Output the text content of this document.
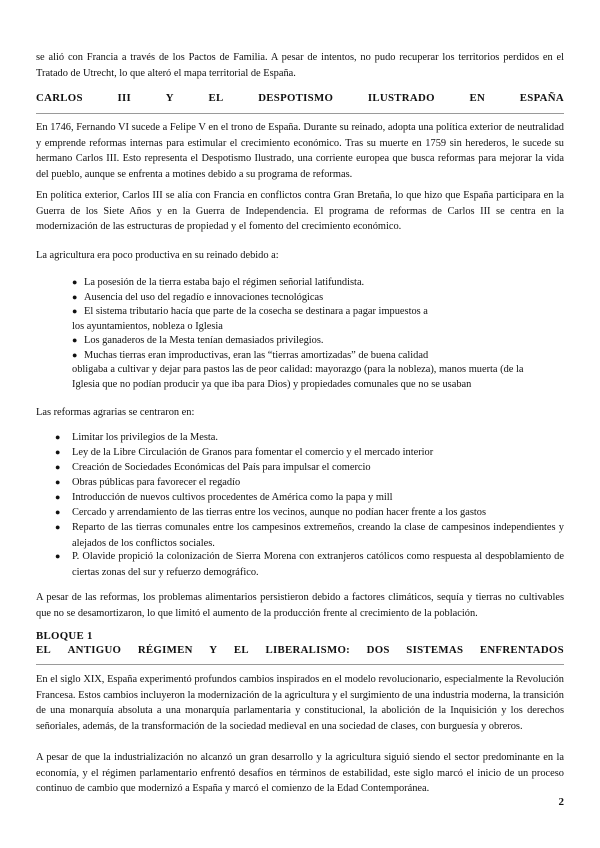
se alió con Francia a través de los Pactos de Familia. A pesar de intentos, no pudo recuperar los territorios perdidos en el Tratado de Utrecht, lo que alteró el mapa territorial de España.

CARLOS	III	Y	EL	DESPOTISMO	ILUSTRADO	EN	ESPAÑA

En 1746, Fernando VI sucede a Felipe V en el trono de España. Durante su reinado, adopta una política exterior de neutralidad y emprende reformas internas para estimular el crecimiento económico. Tras su muerte en 1759 sin herederos, le sucede su hermano Carlos III. Esto representa el Despotismo Ilustrado, una corriente europea que busca reformas para mejorar la vida del pueblo, aunque se enfrenta a motines debido a su programa de reformas.

En política exterior, Carlos III se alía con Francia en conflictos contra Gran Bretaña, lo que hizo que España participara en la Guerra de los Siete Años y en la Guerra de Independencia. El programa de reformas de Carlos III se centra en la modernización de las estructuras de propiedad y el fomento del crecimiento económico.

La agricultura era poco productiva en su reinado debido a:

● La posesión de la tierra estaba bajo el régimen señorial latifundista.

● Ausencia del uso del regadío e innovaciones tecnológicas

● El sistema tributario hacía que parte de la cosecha se destinara a pagar impuestos a

los ayuntamientos, nobleza o Iglesia

● Los ganaderos de la Mesta tenían demasiados privilegios.

● Muchas tierras eran improductivas, eran las “tierras amortizadas” de buena calidad

obligaba a cultivar y dejar para pastos las de peor calidad: mayorazgo (para la nobleza), manos muerta (de la

Iglesia que no podían producir ya que iba para Dios) y propiedades comunales que no se usaban

Las reformas agrarias se centraron en:

● Limitar los privilegios de la Mesta.

● Ley de la Libre Circulación de Granos para fomentar el comercio y el mercado interior

● Creación de Sociedades Económicas del País para impulsar el comercio

● Obras públicas para favorecer el regadío

● Introducción de nuevos cultivos procedentes de América como la papa y mill

● Cercado y arrendamiento de las tierras entre los vecinos, aunque no podían hacer frente a los gastos

● Reparto de las tierras comunales entre los campesinos extremeños, creando la clase de campesinos independientes y alejados de los conflictos sociales.

● P. Olavide propició la colonización de Sierra Morena con extranjeros católicos como respuesta al despoblamiento de ciertas zonas del sur y refuerzo demográfico.

A pesar de las reformas, los problemas alimentarios persistieron debido a factores climáticos, sequía y tierras no cultivables que no se desamortizaron, lo que limitó el aumento de la producción frente al crecimiento de la población.

BLOQUE 1

EL ANTIGUO RÉGIMEN Y EL LIBERALISMO: DOS SISTEMAS ENFRENTADOS

En el siglo XIX, España experimentó profundos cambios inspirados en el modelo revolucionario, especialmente la Revolución Francesa. Estos cambios incluyeron la modernización de la agricultura y el surgimiento de una industria moderna, la transición de una monarquía absoluta a una monarquía parlamentaria y constitucional, la abolición de la Inquisición y los derechos señoriales, además, de la transformación de la sociedad medieval en una sociedad de clases, con burguesía y obreros.

A pesar de que la industrialización no alcanzó un gran desarrollo y la agricultura siguió siendo el sector predominante en la economía, y el régimen parlamentario enfrentó desafíos en términos de estabilidad, este siglo marcó el inicio de un proceso continuo de cambio que modernizó a España y marcó el comienzo de la Edad Contemporánea.

2
